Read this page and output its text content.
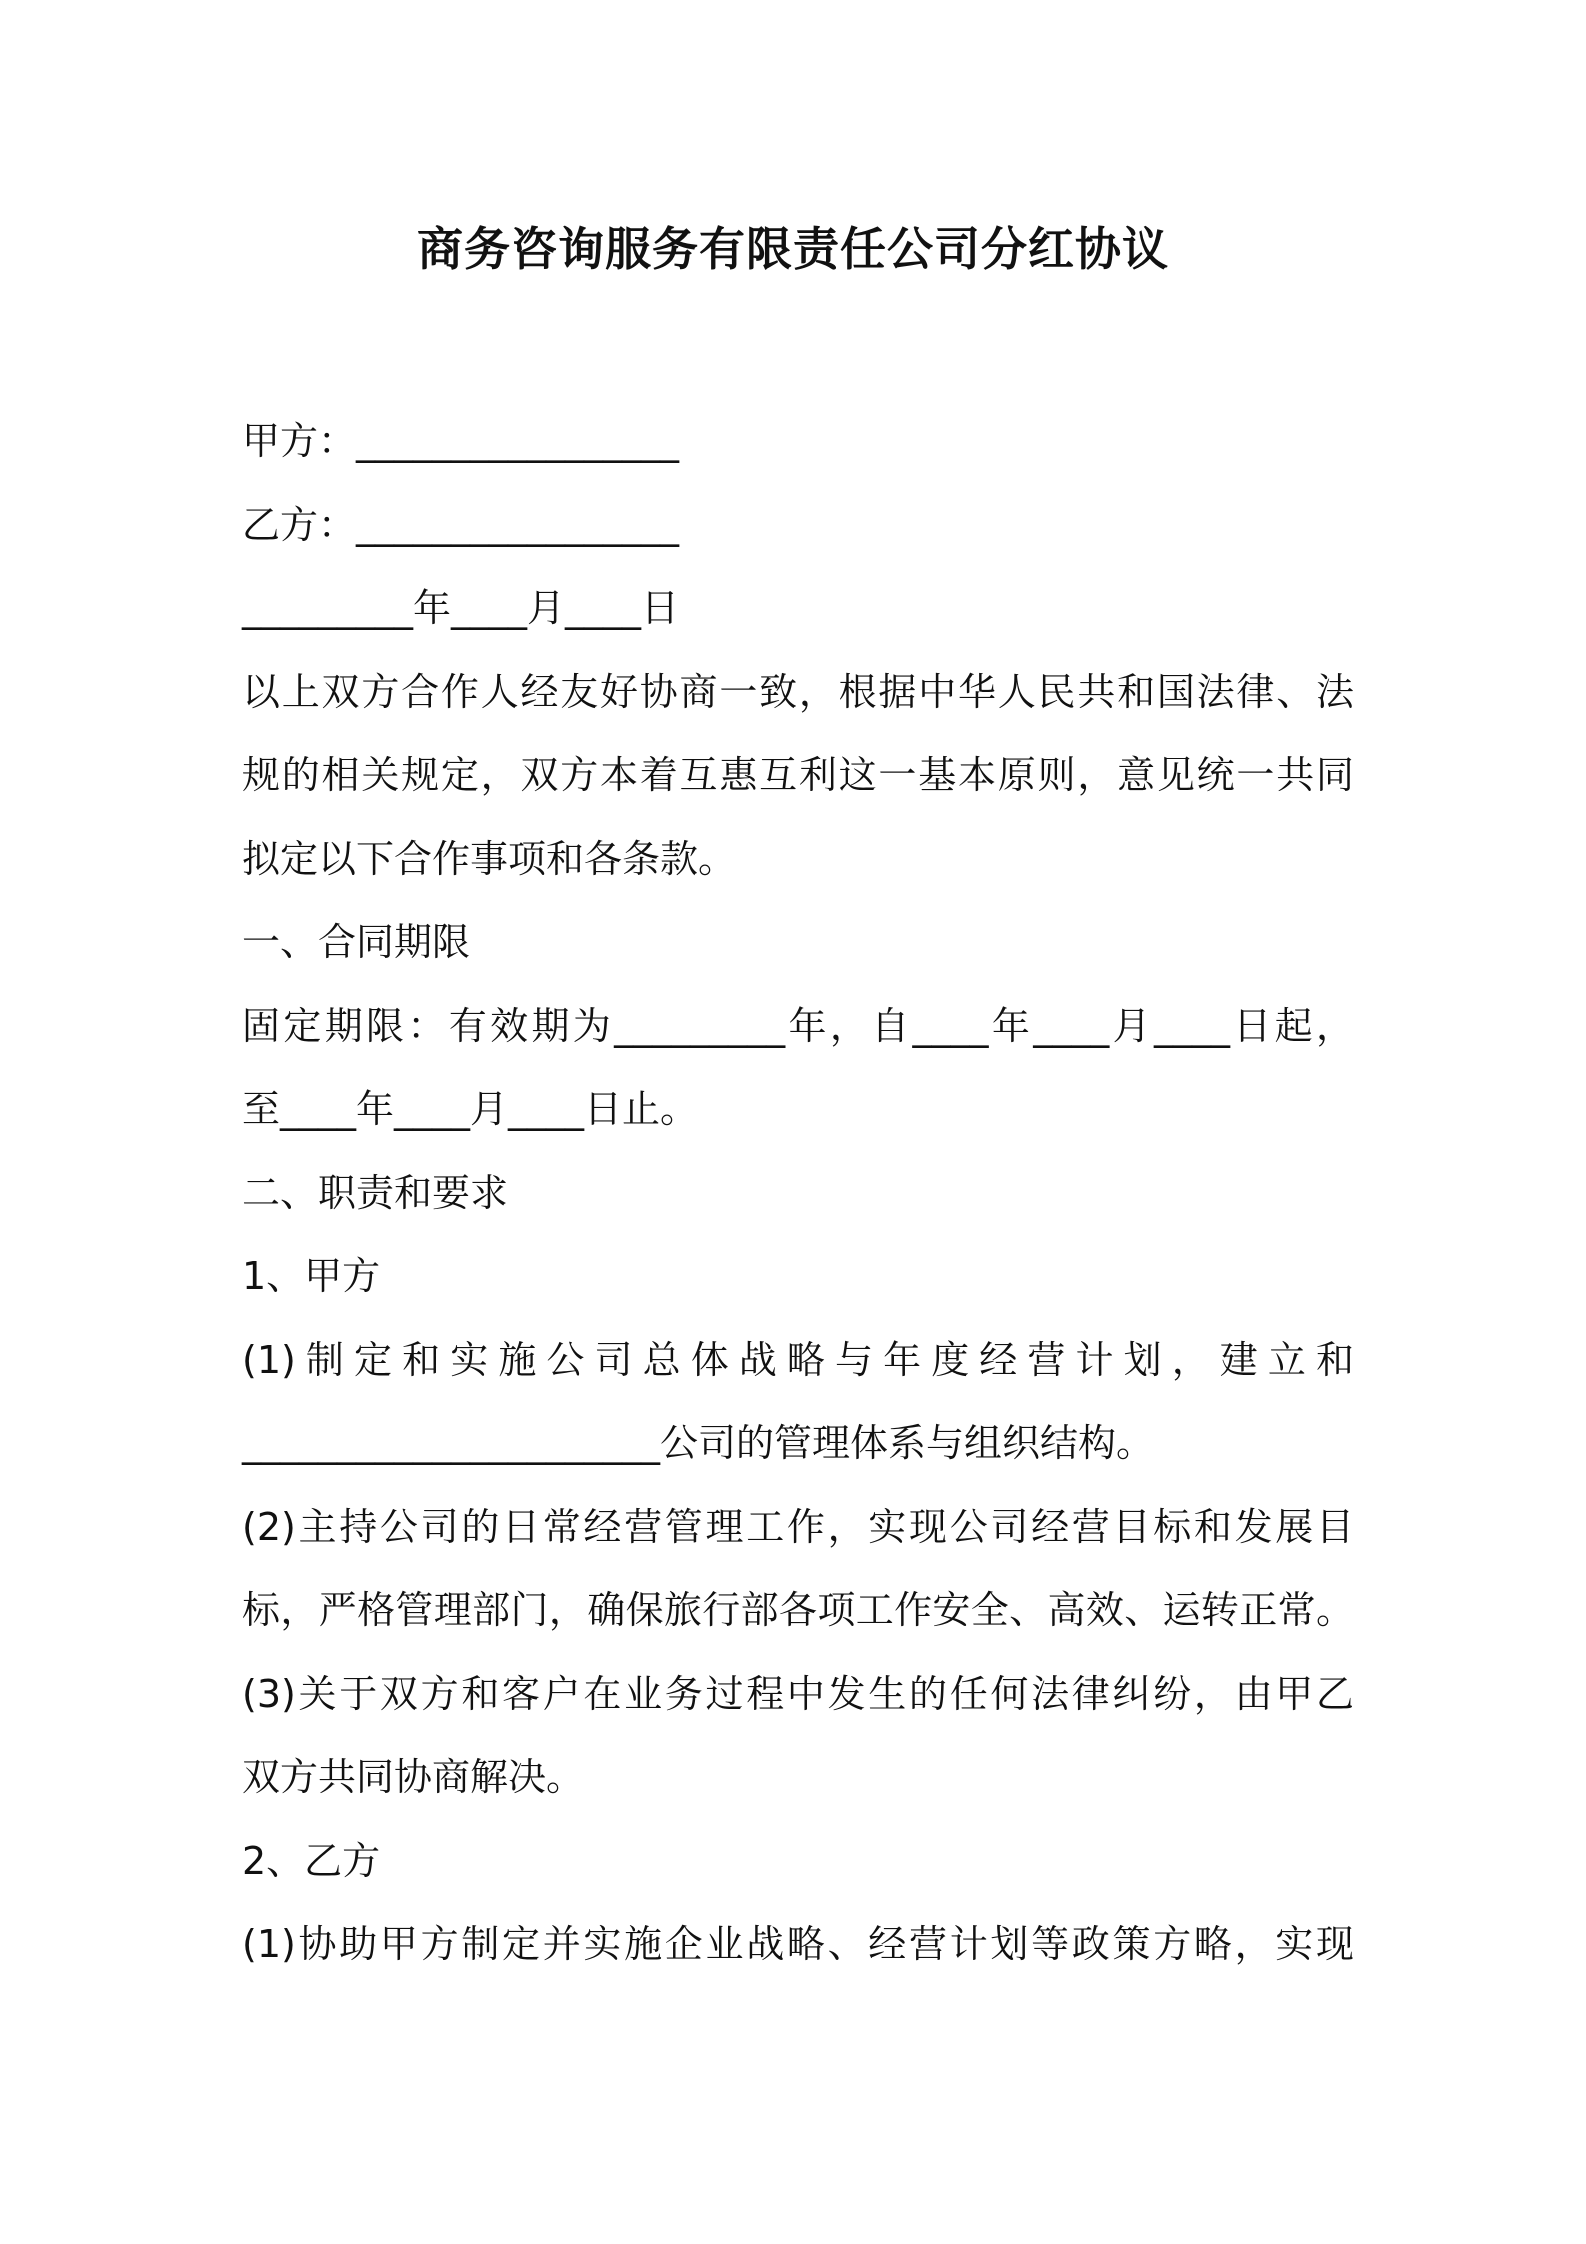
商务咨询服务有限责任公司分红协议
甲方：_________________
乙方：_________________
_________年____月____日
以上双方合作人经友好协商一致，根据中华人民共和国法律、法
规的相关规定，双方本着互惠互利这一基本原则，意见统一共同
拟定以下合作事项和各条款。
一、合同期限
固定期限：有效期为_________年，自____年____月____日起，
至____年____月____日止。
二、职责和要求
1、甲方
(1)制定和实施公司总体战略与年度经营计划，建立和
______________________公司的管理体系与组织结构。
(2)主持公司的日常经营管理工作，实现公司经营目标和发展目
标，严格管理部门，确保旅行部各项工作安全、高效、运转正常。
(3)关于双方和客户在业务过程中发生的任何法律纠纷，由甲乙
双方共同协商解决。
2、乙方
(1)协助甲方制定并实施企业战略、经营计划等政策方略，实现
